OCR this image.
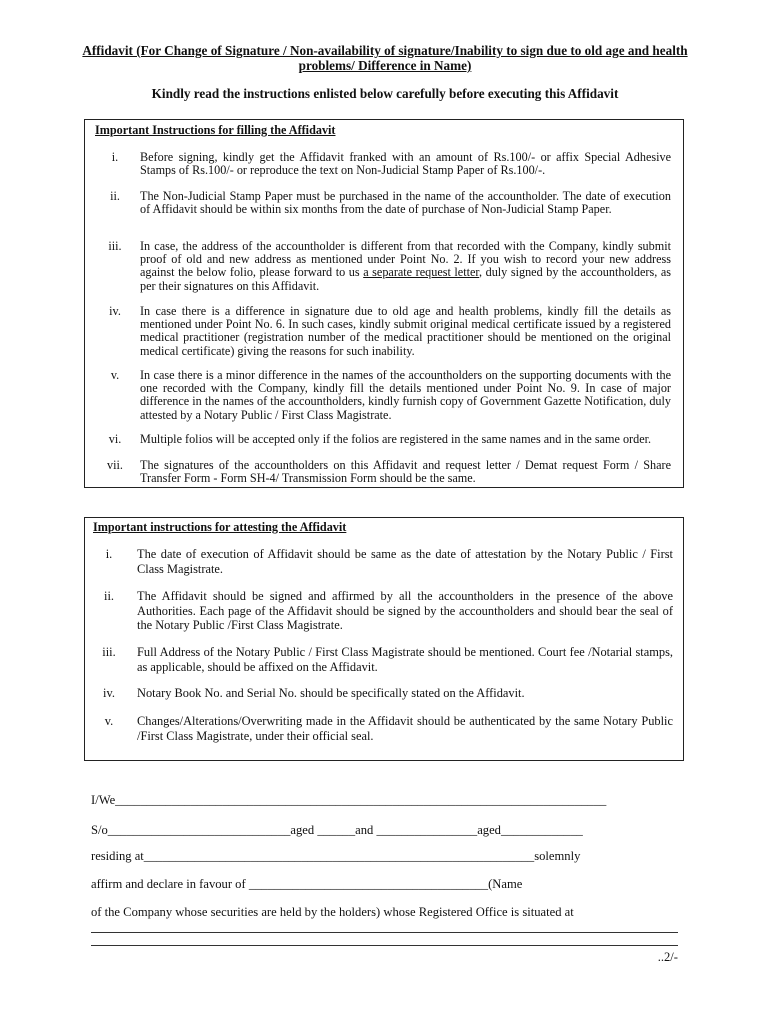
Affidavit (For Change of Signature / Non-availability of signature/Inability to sign due to old age and health problems/ Difference in Name)
Kindly read the instructions enlisted below carefully before executing this Affidavit
Important Instructions for filling the Affidavit
i.	Before signing, kindly get the Affidavit franked with an amount of Rs.100/- or affix Special Adhesive Stamps of Rs.100/- or reproduce the text on Non-Judicial Stamp Paper of Rs.100/-.
ii.	The Non-Judicial Stamp Paper must be purchased in the name of the accountholder. The date of execution of Affidavit should be within six months from the date of purchase of Non-Judicial Stamp Paper.
iii.	In case, the address of the accountholder is different from that recorded with the Company, kindly submit proof of old and new address as mentioned under Point No. 2. If you wish to record your new address against the below folio, please forward to us a separate request letter, duly signed by the accountholders, as per their signatures on this Affidavit.
iv.	In case there is a difference in signature due to old age and health problems, kindly fill the details as mentioned under Point No. 6. In such cases, kindly submit original medical certificate issued by a registered medical practitioner (registration number of the medical practitioner should be mentioned on the original medical certificate) giving the reasons for such inability.
v.	In case there is a minor difference in the names of the accountholders on the supporting documents with the one recorded with the Company, kindly fill the details mentioned under Point No. 9. In case of major difference in the names of the accountholders, kindly furnish copy of Government Gazette Notification, duly attested by a Notary Public / First Class Magistrate.
vi.	Multiple folios will be accepted only if the folios are registered in the same names and in the same order.
vii.	The signatures of the accountholders on this Affidavit and request letter / Demat request Form / Share Transfer Form - Form SH-4/ Transmission Form should be the same.
Important instructions for attesting the Affidavit
i.	The date of execution of Affidavit should be same as the date of attestation by the Notary Public / First Class Magistrate.
ii.	The Affidavit should be signed and affirmed by all the accountholders in the presence of the above Authorities. Each page of the Affidavit should be signed by the accountholders and should bear the seal of the Notary Public /First Class Magistrate.
iii.	Full Address of the Notary Public / First Class Magistrate should be mentioned. Court fee /Notarial stamps, as applicable, should be affixed on the Affidavit.
iv.	Notary Book No. and Serial No. should be specifically stated on the Affidavit.
v.	Changes/Alterations/Overwriting made in the Affidavit should be authenticated by the same Notary Public /First Class Magistrate, under their official seal.
I/We______________________________________________________________________________
S/o_____________________________aged ______and ________________aged_____________
residing at______________________________________________________________solemnly
affirm and declare in favour of ______________________________________(Name
of the Company whose securities are held by the holders) whose Registered Office is situated at
..2/-
